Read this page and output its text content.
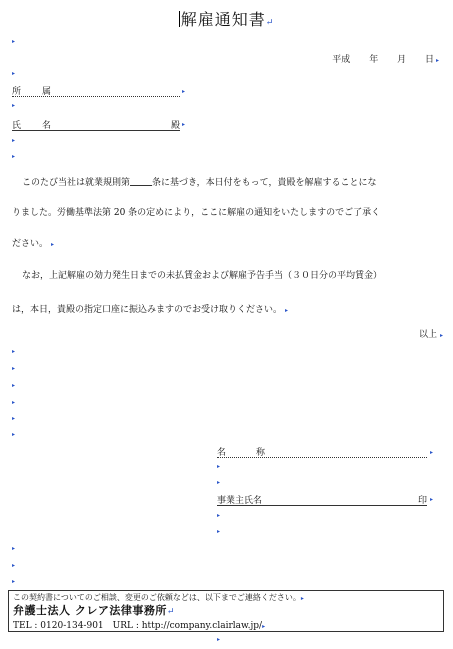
解雇通知書↵
▸
平成 年 月 日 ▸
▸
所　属	▸
▸
氏　名	殿 ▸
▸
▸
このたび当社は就業規則第 条に基づき，本日付をもって，貴殿を解雇することにな
りました。労働基準法第 20 条の定めにより，ここに解雇の通知をいたしますのでご了承く
ださい。 ▸
なお，上記解雇の効力発生日までの未払賃金および解雇予告手当（３０日分の平均賃金）
は，本日，貴殿の指定口座に振込みますのでお受け取りください。 ▸
以上 ▸
▸
▸
▸
▸
▸
▸
名称	▸
▸
▸
事業主氏名	印 ▸
▸
▸
▸
▸
▸
この契約書についてのご相談、変更のご依頼などは、以下までご連絡ください。▸
弁護士法人 クレア法律事務所↵
TEL : 0120-134-901　URL : http://company.clairlaw.jp/▸
▸
